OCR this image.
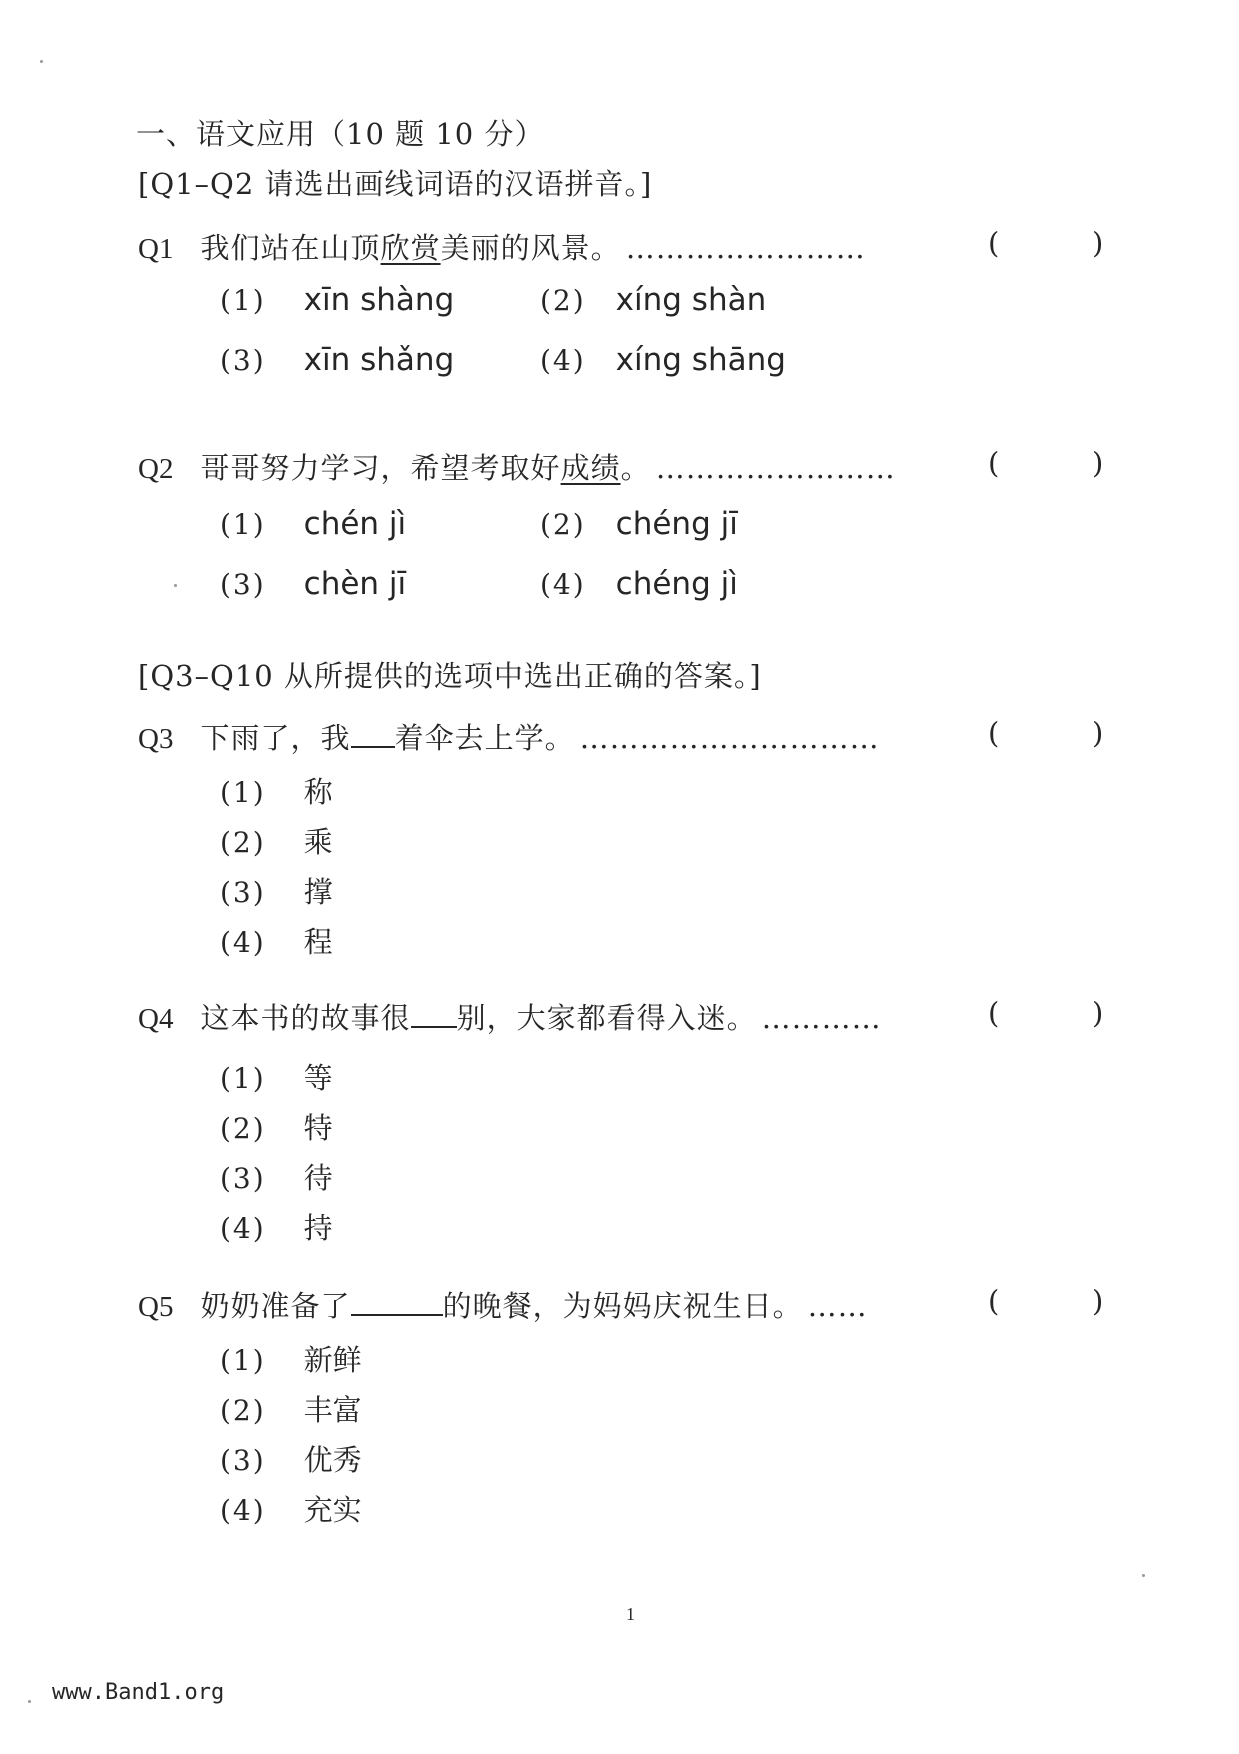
一、语文应用（10 题 10 分）
[Q1–Q2 请选出画线词语的汉语拼音。]
Q1 我们站在山顶欣赏美丽的风景。 ……………………	(	)
(1) xīn shàng	(2) xíng shàn
(3) xīn shǎng	(4) xíng shāng
Q2 哥哥努力学习，希望考取好成绩。 ……………………	(	)
(1) chén jì	(2) chéng jī
(3) chèn jī	(4) chéng jì
[Q3–Q10 从所提供的选项中选出正确的答案。]
Q3 下雨了，我 着伞去上学。 …………………………	(	)
(1) 称
(2) 乘
(3) 撑
(4) 程
Q4 这本书的故事很 别，大家都看得入迷。 …………	(	)
(1) 等
(2) 特
(3) 待
(4) 持
Q5 奶奶准备了	的晚餐，为妈妈庆祝生日。 ……	(	)
(1) 新鲜
(2) 丰富
(3) 优秀
(4) 充实
1
www.Band1.org
